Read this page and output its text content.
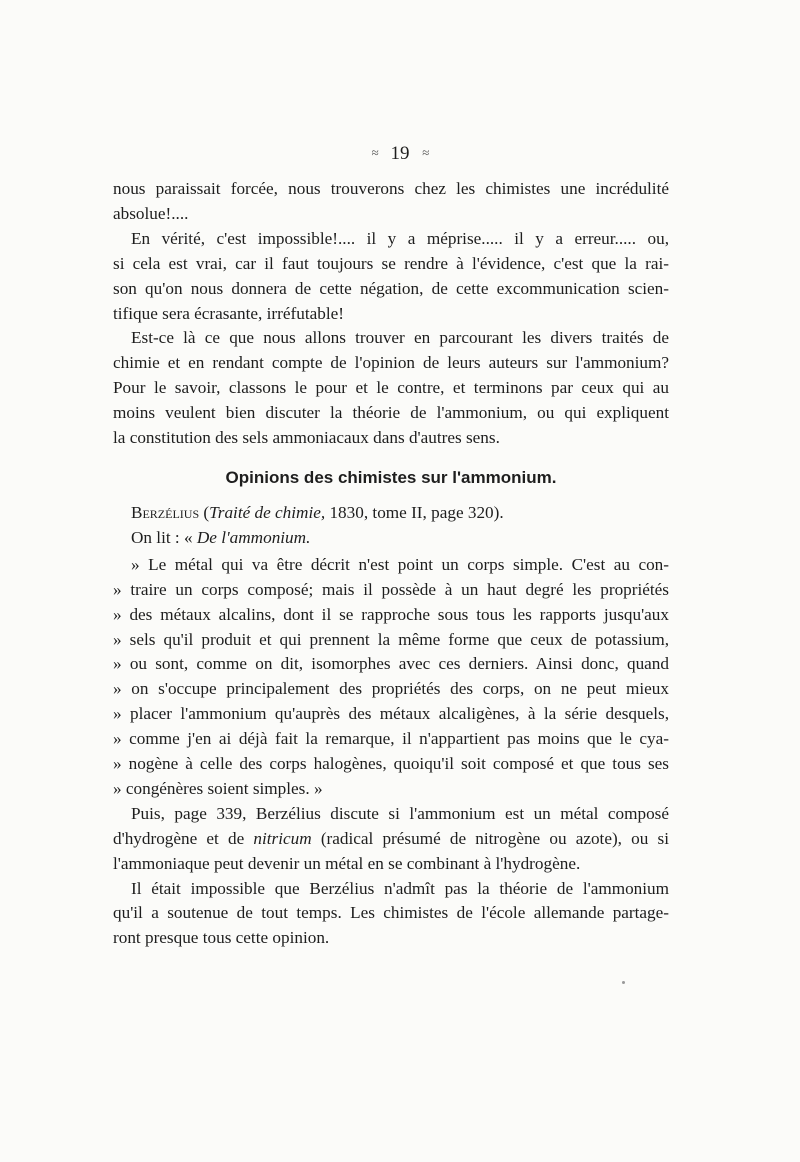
≈ 19 ≈

nous paraissait forcée, nous trouverons chez les chimistes une incrédulité

absolue!....

En vérité, c'est impossible!.... il y a méprise..... il y a erreur..... ou,

si cela est vrai, car il faut toujours se rendre à l'évidence, c'est que la rai-

son qu'on nous donnera de cette négation, de cette excommunication scien-

tifique sera écrasante, irréfutable!

Est-ce là ce que nous allons trouver en parcourant les divers traités de

chimie et en rendant compte de l'opinion de leurs auteurs sur l'ammonium?

Pour le savoir, classons le pour et le contre, et terminons par ceux qui au

moins veulent bien discuter la théorie de l'ammonium, ou qui expliquent

la constitution des sels ammoniacaux dans d'autres sens.

Opinions des chimistes sur l'ammonium.

Berzélius (Traité de chimie, 1830, tome II, page 320).

On lit : « De l'ammonium.

» Le métal qui va être décrit n'est point un corps simple. C'est au con-

» traire un corps composé; mais il possède à un haut degré les propriétés

» des métaux alcalins, dont il se rapproche sous tous les rapports jusqu'aux

» sels qu'il produit et qui prennent la même forme que ceux de potassium,

» ou sont, comme on dit, isomorphes avec ces derniers. Ainsi donc, quand

» on s'occupe principalement des propriétés des corps, on ne peut mieux

» placer l'ammonium qu'auprès des métaux alcaligènes, à la série desquels,

» comme j'en ai déjà fait la remarque, il n'appartient pas moins que le cya-

» nogène à celle des corps halogènes, quoiqu'il soit composé et que tous ses

» congénères soient simples. »

Puis, page 339, Berzélius discute si l'ammonium est un métal composé

d'hydrogène et de nitricum (radical présumé de nitrogène ou azote), ou si

l'ammoniaque peut devenir un métal en se combinant à l'hydrogène.

Il était impossible que Berzélius n'admît pas la théorie de l'ammonium

qu'il a soutenue de tout temps. Les chimistes de l'école allemande partage-

ront presque tous cette opinion.
